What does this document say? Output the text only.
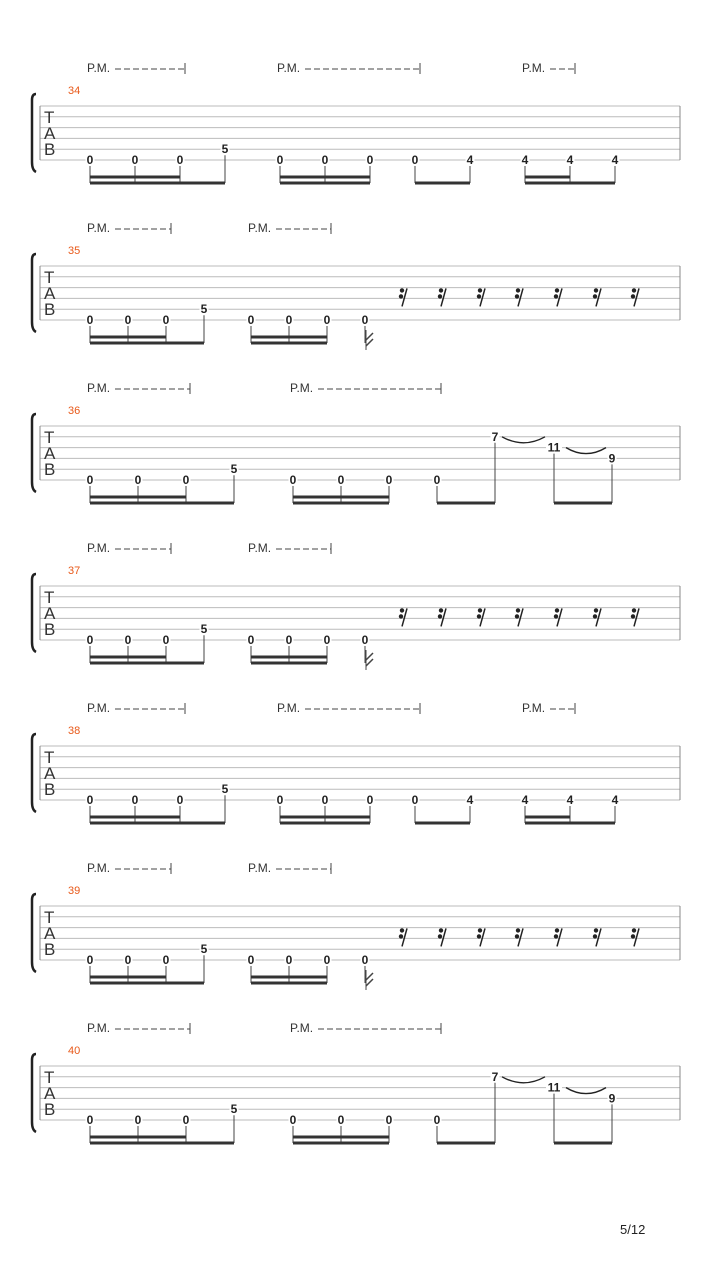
P.M.	P.M.	P.M.
34
T
A
B
0	0	0
5
0	0	0	0	4	4	4	4
P.M.	P.M.
35
T
A
B
0	0	0
5
0	0	0	0
P.M.	P.M.
36
T
A
B
0	0	0
5
0	0	0	0
7
11
9
P.M.	P.M.
37
T
A
B
0	0	0
5
0	0	0	0
P.M.	P.M.	P.M.
38
T
A
B
0	0	0
5
0	0	0	0	4	4	4	4
P.M.	P.M.
39
T
A
B
0	0	0
5
0	0	0	0
P.M.	P.M.
40
T
A
B
0	0	0
5
0	0	0	0
7
11
9
5/12
